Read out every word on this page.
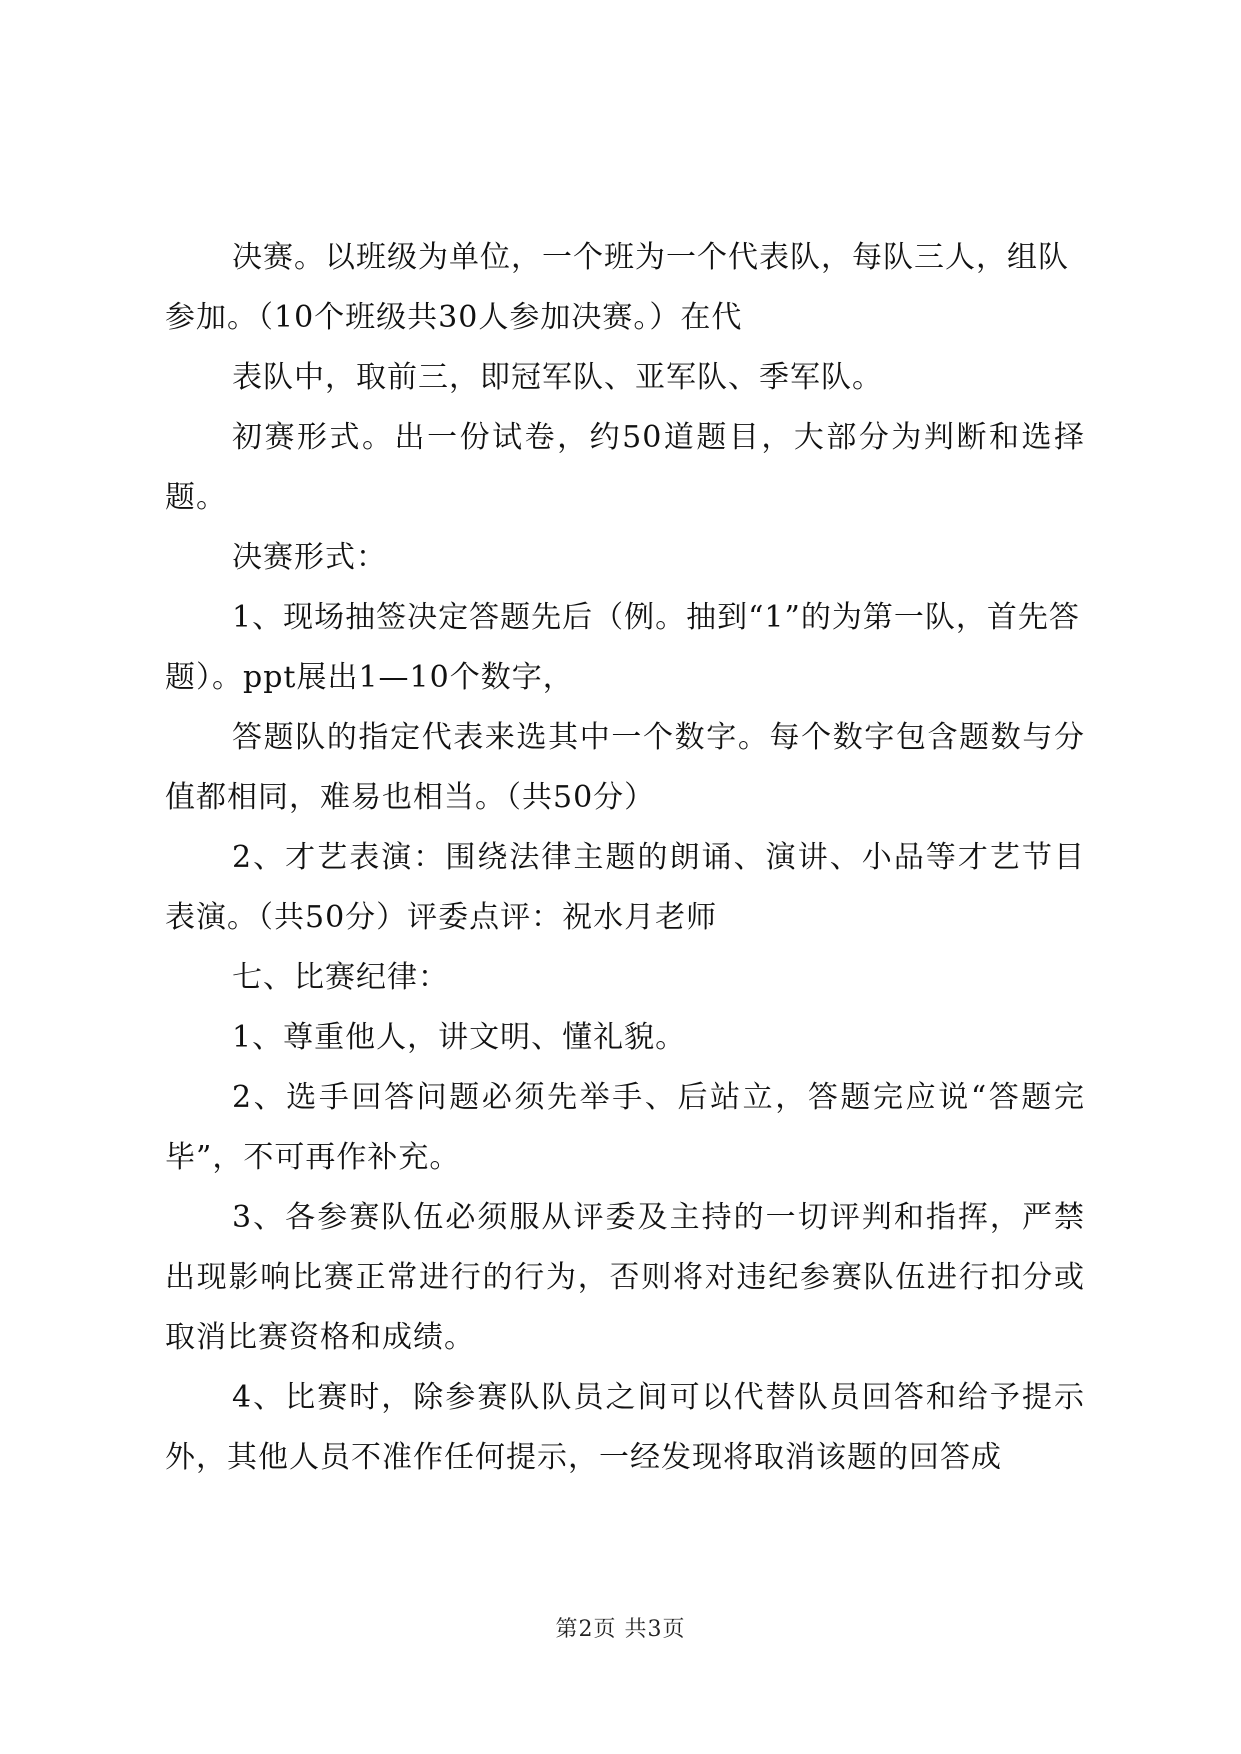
决赛。以班级为单位，一个班为一个代表队，每队三人，组队参加。（10个班级共30人参加决赛。）在代

表队中，取前三，即冠军队、亚军队、季军队。

初赛形式。出一份试卷，约50道题目，大部分为判断和选择题。

决赛形式：

1、现场抽签决定答题先后（例。抽到“1”的为第一队，首先答题）。ppt展出1—10个数字，

答题队的指定代表来选其中一个数字。每个数字包含题数与分值都相同，难易也相当。（共50分）

2、才艺表演：围绕法律主题的朗诵、演讲、小品等才艺节目表演。（共50分）评委点评：祝水月老师

七、比赛纪律：

1、尊重他人，讲文明、懂礼貌。

2、选手回答问题必须先举手、后站立，答题完应说“答题完毕”，不可再作补充。

3、各参赛队伍必须服从评委及主持的一切评判和指挥，严禁出现影响比赛正常进行的行为，否则将对违纪参赛队伍进行扣分或取消比赛资格和成绩。

4、比赛时，除参赛队队员之间可以代替队员回答和给予提示外，其他人员不准作任何提示，一经发现将取消该题的回答成

第2页 共3页
